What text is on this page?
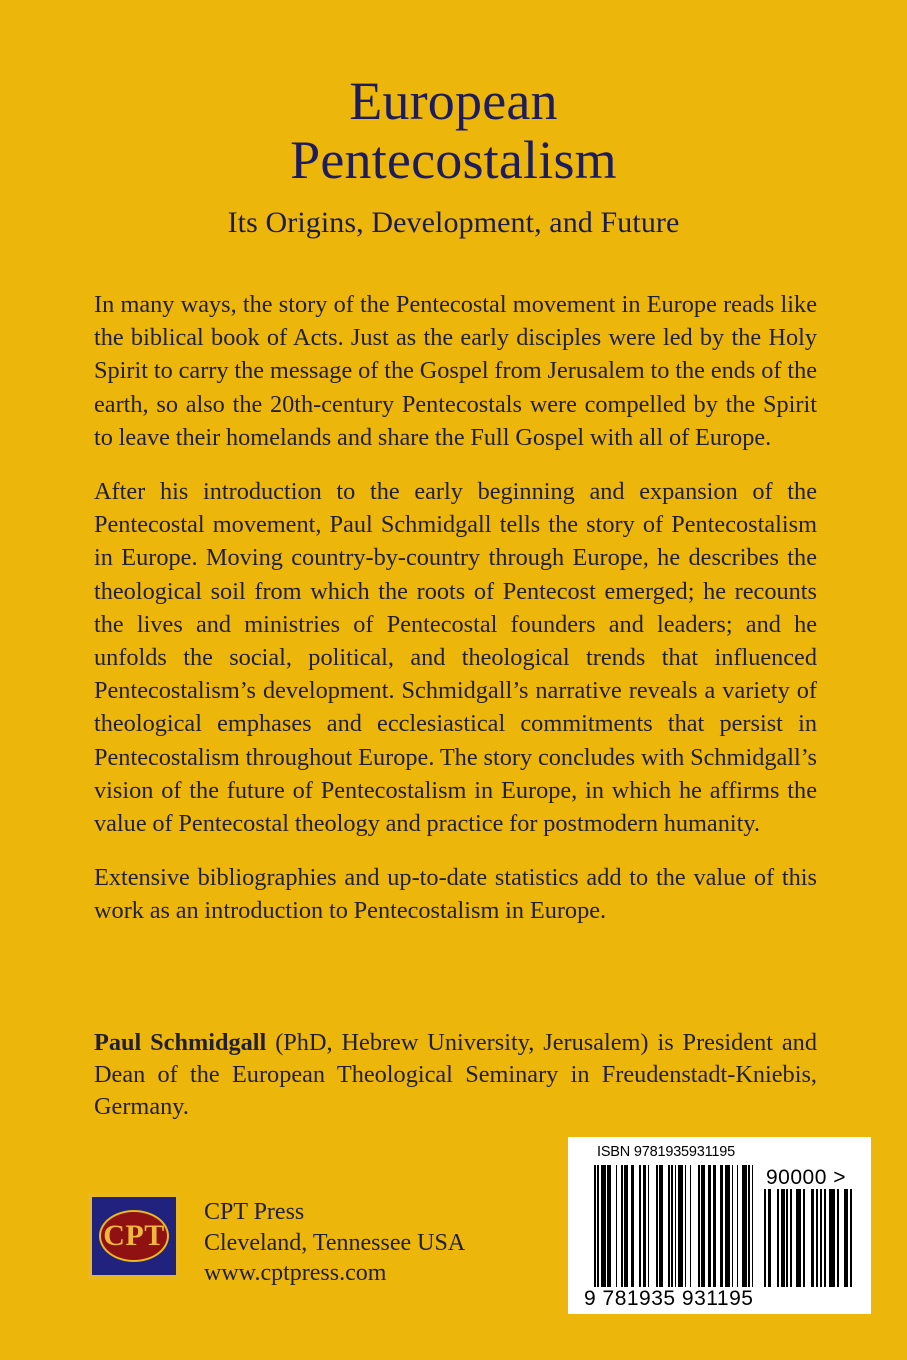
European
Pentecostalism
Its Origins, Development, and Future

In many ways, the story of the Pentecostal movement in Europe reads like the biblical book of Acts. Just as the early disciples were led by the Holy Spirit to carry the message of the Gospel from Jerusalem to the ends of the earth, so also the 20th-century Pentecostals were compelled by the Spirit to leave their homelands and share the Full Gospel with all of Europe.

After his introduction to the early beginning and expansion of the Pentecostal movement, Paul Schmidgall tells the story of Pentecostalism in Europe. Moving country-by-country through Europe, he describes the theological soil from which the roots of Pentecost emerged; he recounts the lives and ministries of Pentecostal founders and leaders; and he unfolds the social, political, and theological trends that influenced Pentecostalism’s development. Schmidgall’s narrative reveals a variety of theological emphases and ecclesiastical commitments that persist in Pentecostalism throughout Europe. The story concludes with Schmidgall’s vision of the future of Pentecostalism in Europe, in which he affirms the value of Pentecostal theology and practice for postmodern humanity.

Extensive bibliographies and up-to-date statistics add to the value of this work as an introduction to Pentecostalism in Europe.

Paul Schmidgall (PhD, Hebrew University, Jerusalem) is President and Dean of the European Theological Seminary in Freudenstadt-Kniebis, Germany.
CPT
CPT Press
Cleveland, Tennessee USA
www.cptpress.com
ISBN 9781935931195
90000 >
9 781935 931195
